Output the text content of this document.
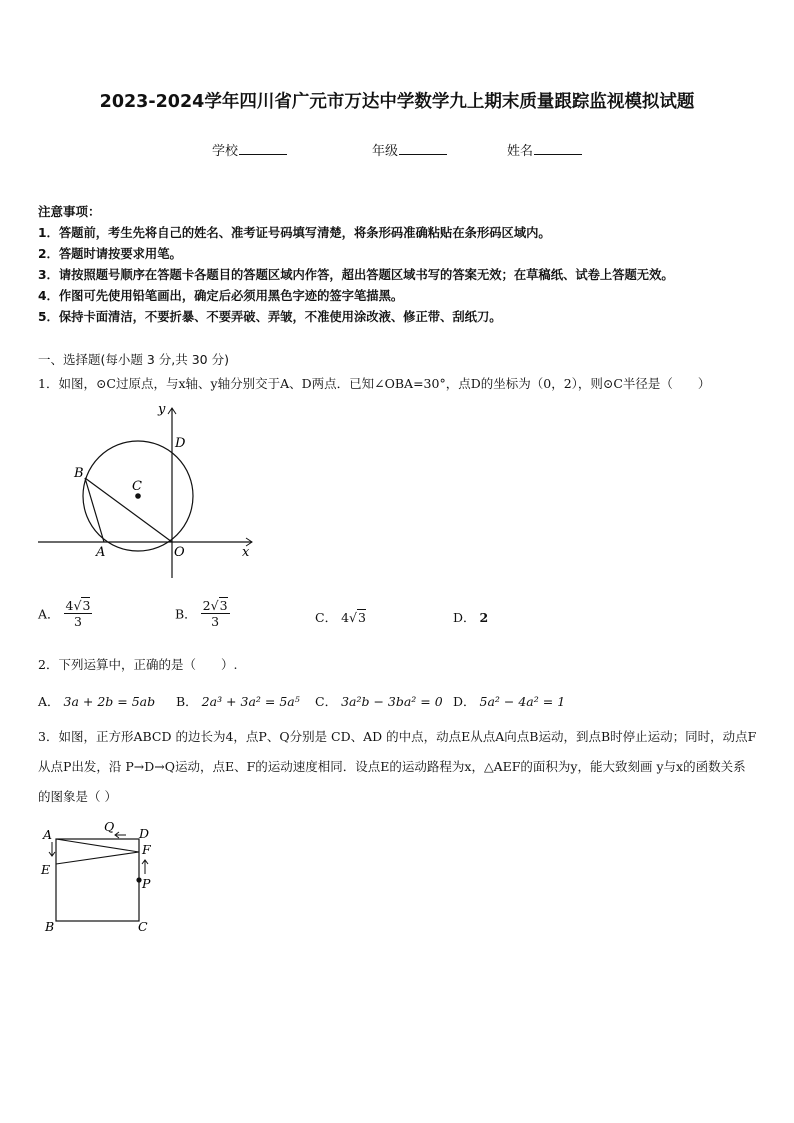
2023-2024学年四川省广元市万达中学数学九上期末质量跟踪监视模拟试题
学校	年级	姓名
注意事项：
1．答题前，考生先将自己的姓名、准考证号码填写清楚，将条形码准确粘贴在条形码区域内。
2．答题时请按要求用笔。
3．请按照题号顺序在答题卡各题目的答题区域内作答，超出答题区域书写的答案无效；在草稿纸、试卷上答题无效。
4．作图可先使用铅笔画出，确定后必须用黑色字迹的签字笔描黑。
5．保持卡面清洁，不要折暴、不要弄破、弄皱，不准使用涂改液、修正带、刮纸刀。
一、选择题(每小题 3 分,共 30 分)
1．如图，⊙C过原点，与x轴、y轴分别交于A、D两点．已知∠OBA=30°，点D的坐标为（0，2），则⊙C半径是（　　）
y
D
B
C
A	O	x
A． $\frac{4√3}{3}$	B． $\frac{2√3}{3}$	C． 4√3	D． 2
2．下列运算中，正确的是（　　）.
A． 3a + 2b = 5ab B． 2a³ + 3a² = 5a⁵ C． 3a²b − 3ba² = 0 D． 5a² − 4a² = 1
3．如图，正方形ABCD 的边长为4，点P、Q分别是 CD、AD 的中点，动点E从点A向点B运动，到点B时停止运动；同时，动点F从点P出发，沿 P→D→Q运动，点E、F的运动速度相同．设点E的运动路程为x，△AEF的面积为y，能大致刻画 y与x的函数关系的图象是（ ）
A
Q D
F
E
P
B	C
